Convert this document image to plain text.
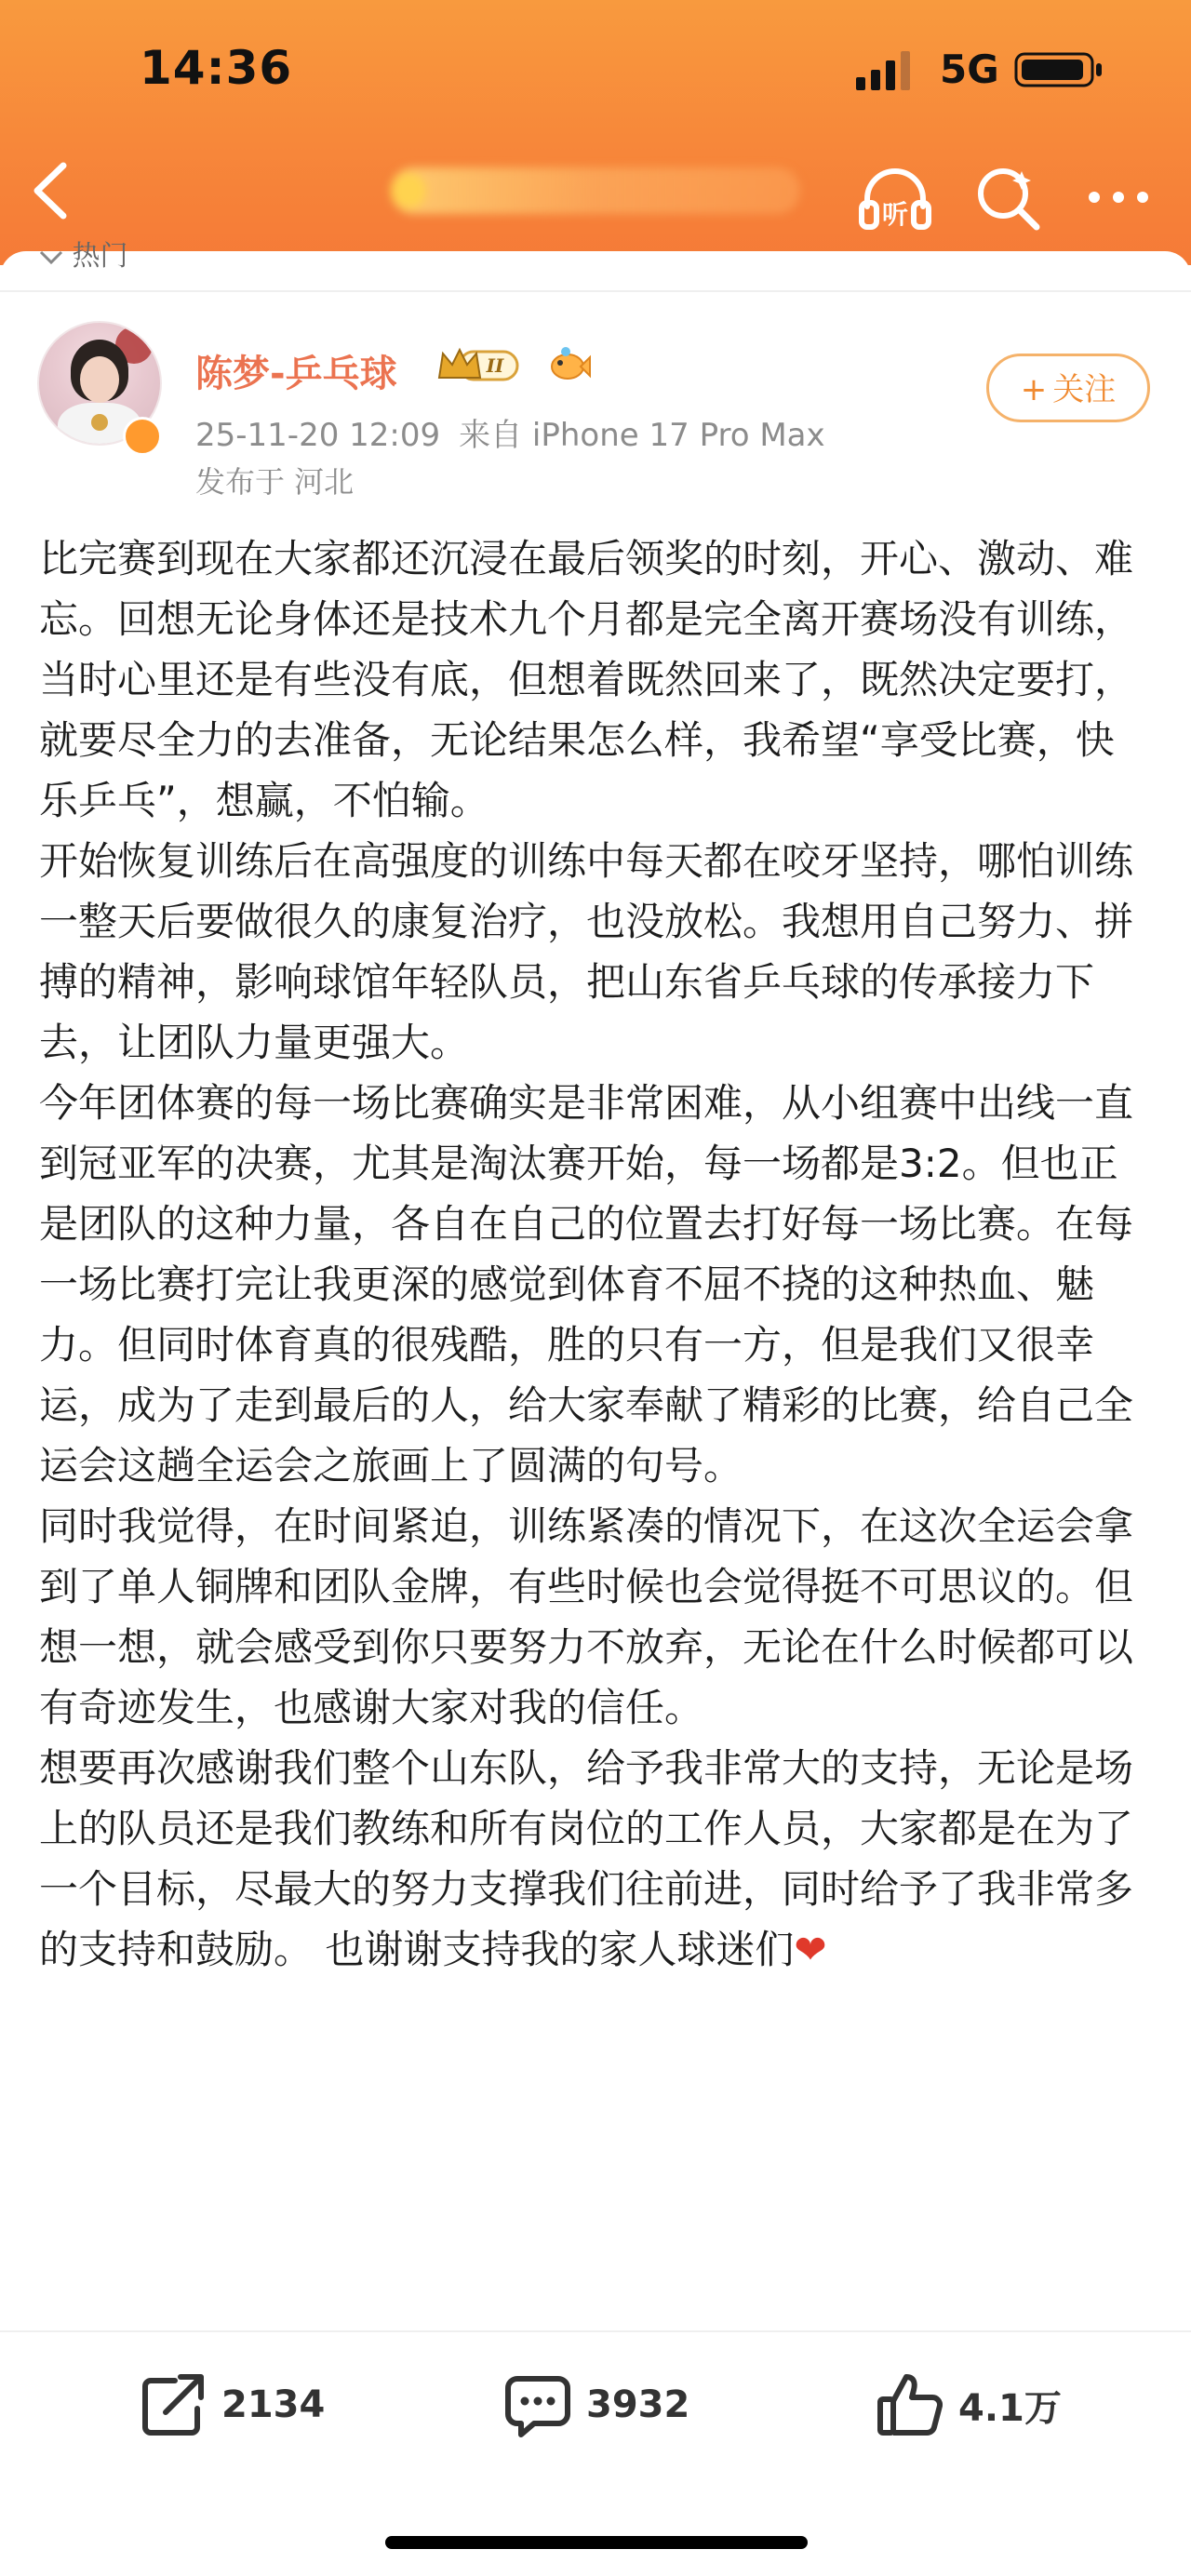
14:36	5G
听
热门
陈梦-乒乓球	II
25-11-20 12:09 来自 iPhone 17 Pro Max
发布于 河北
+ 关注
比完赛到现在大家都还沉浸在最后领奖的时刻，开心、激动、难忘。回想无论身体还是技术九个月都是完全离开赛场没有训练，当时心里还是有些没有底，但想着既然回来了，既然决定要打，就要尽全力的去准备，无论结果怎么样，我希望“享受比赛，快乐乒乓”，想赢，不怕输。
开始恢复训练后在高强度的训练中每天都在咬牙坚持，哪怕训练一整天后要做很久的康复治疗，也没放松。我想用自己努力、拼搏的精神，影响球馆年轻队员，把山东省乒乓球的传承接力下去，让团队力量更强大。
今年团体赛的每一场比赛确实是非常困难，从小组赛中出线一直到冠亚军的决赛，尤其是淘汰赛开始，每一场都是3:2。但也正是团队的这种力量，各自在自己的位置去打好每一场比赛。在每一场比赛打完让我更深的感觉到体育不屈不挠的这种热血、魅力。但同时体育真的很残酷，胜的只有一方，但是我们又很幸运，成为了走到最后的人，给大家奉献了精彩的比赛，给自己全运会这趟全运会之旅画上了圆满的句号。
同时我觉得，在时间紧迫，训练紧凑的情况下，在这次全运会拿到了单人铜牌和团队金牌，有些时候也会觉得挺不可思议的。但想一想，就会感受到你只要努力不放弃，无论在什么时候都可以有奇迹发生，也感谢大家对我的信任。
想要再次感谢我们整个山东队，给予我非常大的支持，无论是场上的队员还是我们教练和所有岗位的工作人员，大家都是在为了一个目标，尽最大的努力支撑我们往前进，同时给予了我非常多的支持和鼓励。 也谢谢支持我的家人球迷们❤
2134	3932	4.1万
